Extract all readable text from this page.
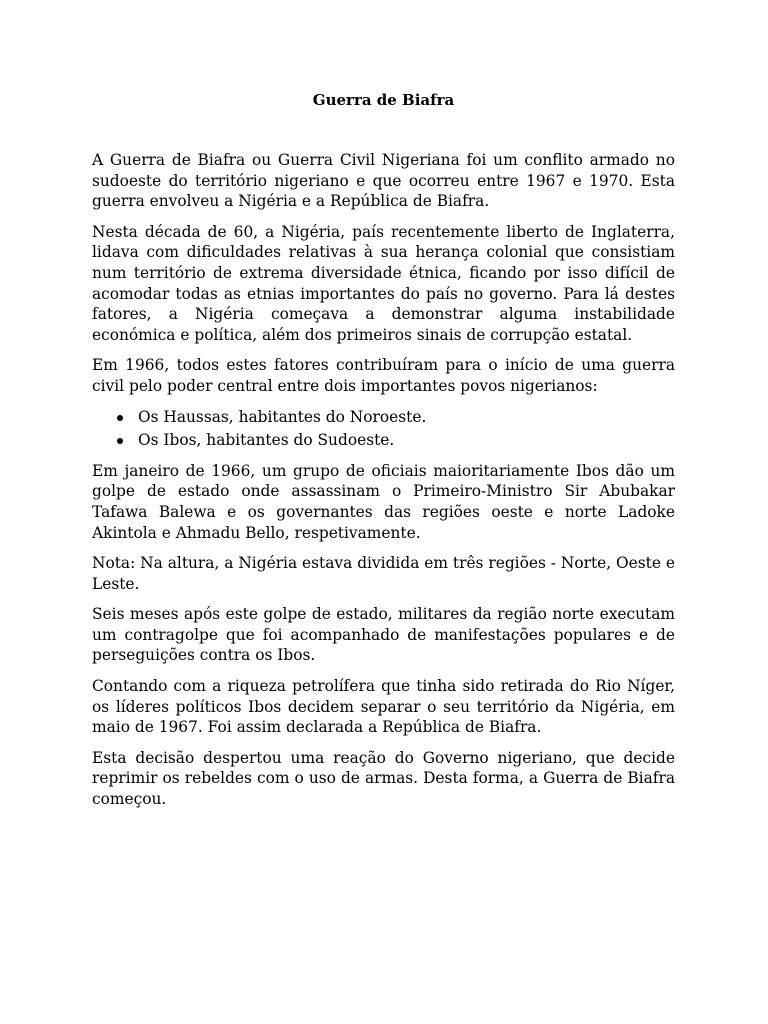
Guerra de Biafra

A Guerra de Biafra ou Guerra Civil Nigeriana foi um conflito armado no sudoeste do território nigeriano e que ocorreu entre 1967 e 1970. Esta guerra envolveu a Nigéria e a República de Biafra.

Nesta década de 60, a Nigéria, país recentemente liberto de Inglaterra, lidava com dificuldades relativas à sua herança colonial que consistiam num território de extrema diversidade étnica, ficando por isso difícil de acomodar todas as etnias importantes do país no governo. Para lá destes fatores, a Nigéria começava a demonstrar alguma instabilidade económica e política, além dos primeiros sinais de corrupção estatal.

Em 1966, todos estes fatores contribuíram para o início de uma guerra civil pelo poder central entre dois importantes povos nigerianos:

Os Haussas, habitantes do Noroeste.
Os Ibos, habitantes do Sudoeste.

Em janeiro de 1966, um grupo de oficiais maioritariamente Ibos dão um golpe de estado onde assassinam o Primeiro-Ministro Sir Abubakar Tafawa Balewa e os governantes das regiões oeste e norte Ladoke Akintola e Ahmadu Bello, respetivamente.

Nota: Na altura, a Nigéria estava dividida em três regiões - Norte, Oeste e Leste.

Seis meses após este golpe de estado, militares da região norte executam um contragolpe que foi acompanhado de manifestações populares e de perseguições contra os Ibos.

Contando com a riqueza petrolífera que tinha sido retirada do Rio Níger, os líderes políticos Ibos decidem separar o seu território da Nigéria, em maio de 1967. Foi assim declarada a República de Biafra.

Esta decisão despertou uma reação do Governo nigeriano, que decide reprimir os rebeldes com o uso de armas. Desta forma, a Guerra de Biafra começou.
